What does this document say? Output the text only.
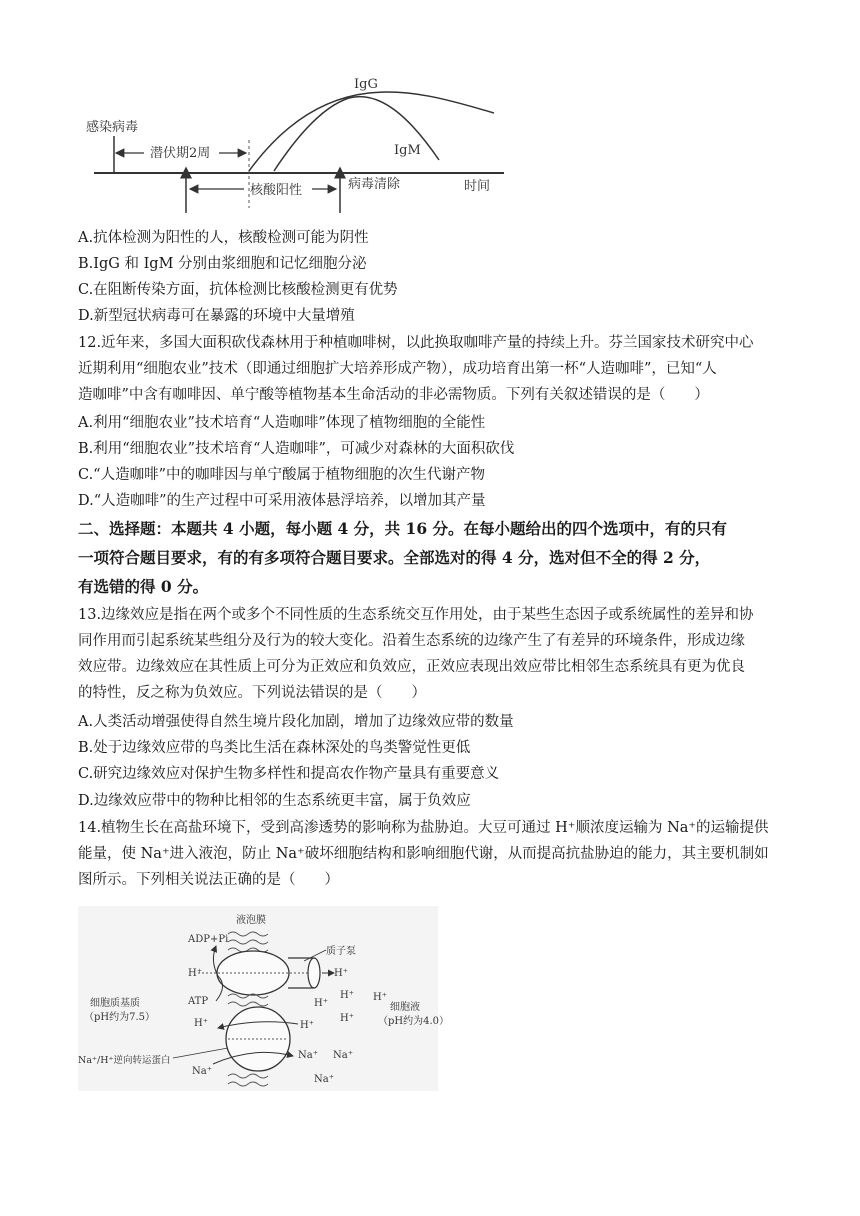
时间
感染病毒
潜伏期2周
核酸阳性	病毒清除
IgG
IgM
A.抗体检测为阳性的人，核酸检测可能为阴性
B.IgG 和 IgM 分别由浆细胞和记忆细胞分泌
C.在阻断传染方面，抗体检测比核酸检测更有优势
D.新型冠状病毒可在暴露的环境中大量增殖
12.近年来，多国大面积砍伐森林用于种植咖啡树，以此换取咖啡产量的持续上升。芬兰国家技术研究中心
近期利用“细胞农业”技术（即通过细胞扩大培养形成产物），成功培育出第一杯“人造咖啡”，已知“人
造咖啡”中含有咖啡因、单宁酸等植物基本生命活动的非必需物质。下列有关叙述错误的是（　　）
A.利用“细胞农业”技术培育“人造咖啡”体现了植物细胞的全能性
B.利用“细胞农业”技术培育“人造咖啡”，可减少对森林的大面积砍伐
C.“人造咖啡”中的咖啡因与单宁酸属于植物细胞的次生代谢产物
D.“人造咖啡”的生产过程中可采用液体悬浮培养，以增加其产量
二、选择题：本题共 4 小题，每小题 4 分，共 16 分。在每小题给出的四个选项中，有的只有
一项符合题目要求，有的有多项符合题目要求。全部选对的得 4 分，选对但不全的得 2 分，
有选错的得 0 分。
13.边缘效应是指在两个或多个不同性质的生态系统交互作用处，由于某些生态因子或系统属性的差异和协
同作用而引起系统某些组分及行为的较大变化。沿着生态系统的边缘产生了有差异的环境条件，形成边缘
效应带。边缘效应在其性质上可分为正效应和负效应，正效应表现出效应带比相邻生态系统具有更为优良
的特性，反之称为负效应。下列说法错误的是（　　）
A.人类活动增强使得自然生境片段化加剧，增加了边缘效应带的数量
B.处于边缘效应带的鸟类比生活在森林深处的鸟类警觉性更低
C.研究边缘效应对保护生物多样性和提高农作物产量具有重要意义
D.边缘效应带中的物种比相邻的生态系统更丰富，属于负效应
14.植物生长在高盐环境下，受到高渗透势的影响称为盐胁迫。大豆可通过 H⁺顺浓度运输为 Na⁺的运输提供
能量，使 Na⁺进入液泡，防止 Na⁺破坏细胞结构和影响细胞代谢，从而提高抗盐胁迫的能力，其主要机制如
图所示。下列相关说法正确的是（　　）
液泡膜
ADP+Pi
质子泵
H⁺	H⁺
ATP	H⁺
H⁺
H⁺
H⁺
H⁺
H⁺
细胞质基质
（pH约为7.5）
细胞液
（pH约为4.0）
Na⁺/H⁺逆向转运蛋白
Na⁺
Na⁺ Na⁺
Na⁺
